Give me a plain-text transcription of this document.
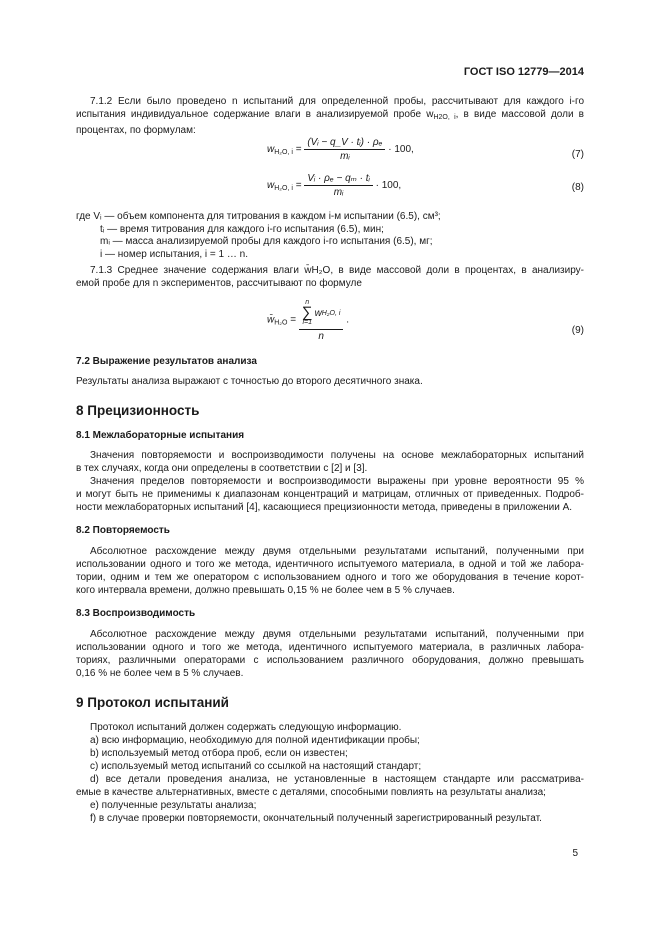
ГОСТ ISO 12779—2014
7.1.2 Если было проведено n испытаний для определенной пробы, рассчитывают для каждого i-го
испытания индивидуальное содержание влаги в анализируемой пробе $w_{H2O, i}$, в виде массовой доли в
процентах, по формулам:
$w_{H_2O, i} = \frac{\text{(Vᵢ − q\_V · tᵢ) · ρₑ}}{\text{mᵢ}} \cdot 100$,	(7)
$w_{H_2O, i} = \frac{\text{Vᵢ · ρₑ − qₘ · tᵢ}}{\text{mᵢ}} \cdot 100$,	(8)
где Vᵢ — объем компонента для титрования в каждом i-м испытании (6.5), см³;
tᵢ — время титрования для каждого i-го испытания (6.5), мин;
mᵢ — масса анализируемой пробы для каждого i-го испытания (6.5), мг;
i — номер испытания, i = 1 … n.
7.1.3 Среднее значение содержания влаги w̄H₂O, в виде массовой доли в процентах, в анализиру-
емой пробе для n экспериментов, рассчитывают по формуле
$w̄_{H_2O} = n$
∑
i=1
w H₂O, i
n .
(9)
7.2 Выражение результатов анализа
Результаты анализа выражают с точностью до второго десятичного знака.
8 Прецизионность
8.1 Межлабораторные испытания
Значения повторяемости и воспроизводимости получены на основе межлабораторных испытаний
в тех случаях, когда они определены в соответствии с [2] и [3].
Значения пределов повторяемости и воспроизводимости выражены при уровне вероятности 95 %
и могут быть не применимы к диапазонам концентраций и матрицам, отличных от приведенных. Подроб-
ности межлабораторных испытаний [4], касающиеся прецизионности метода, приведены в приложении А.
8.2 Повторяемость
Абсолютное расхождение между двумя отдельными результатами испытаний, полученными при
использовании одного и того же метода, идентичного испытуемого материала, в одной и той же лабора-
тории, одним и тем же оператором с использованием одного и того же оборудования в течение корот-
кого интервала времени, должно превышать 0,15 % не более чем в 5 % случаев.
8.3 Воспроизводимость
Абсолютное расхождение между двумя отдельными результатами испытаний, полученными при
использовании одного и того же метода, идентичного испытуемого материала, в различных лабора-
ториях, различными операторами с использованием различного оборудования, должно превышать
0,16 % не более чем в 5 % случаев.
9 Протокол испытаний
Протокол испытаний должен содержать следующую информацию.
a) всю информацию, необходимую для полной идентификации пробы;
b) используемый метод отбора проб, если он известен;
c) используемый метод испытаний со ссылкой на настоящий стандарт;
d) все детали проведения анализа, не установленные в настоящем стандарте или рассматрива-
емые в качестве альтернативных, вместе с деталями, способными повлиять на результаты анализа;
e) полученные результаты анализа;
f) в случае проверки повторяемости, окончательный полученный зарегистрированный результат.
5
